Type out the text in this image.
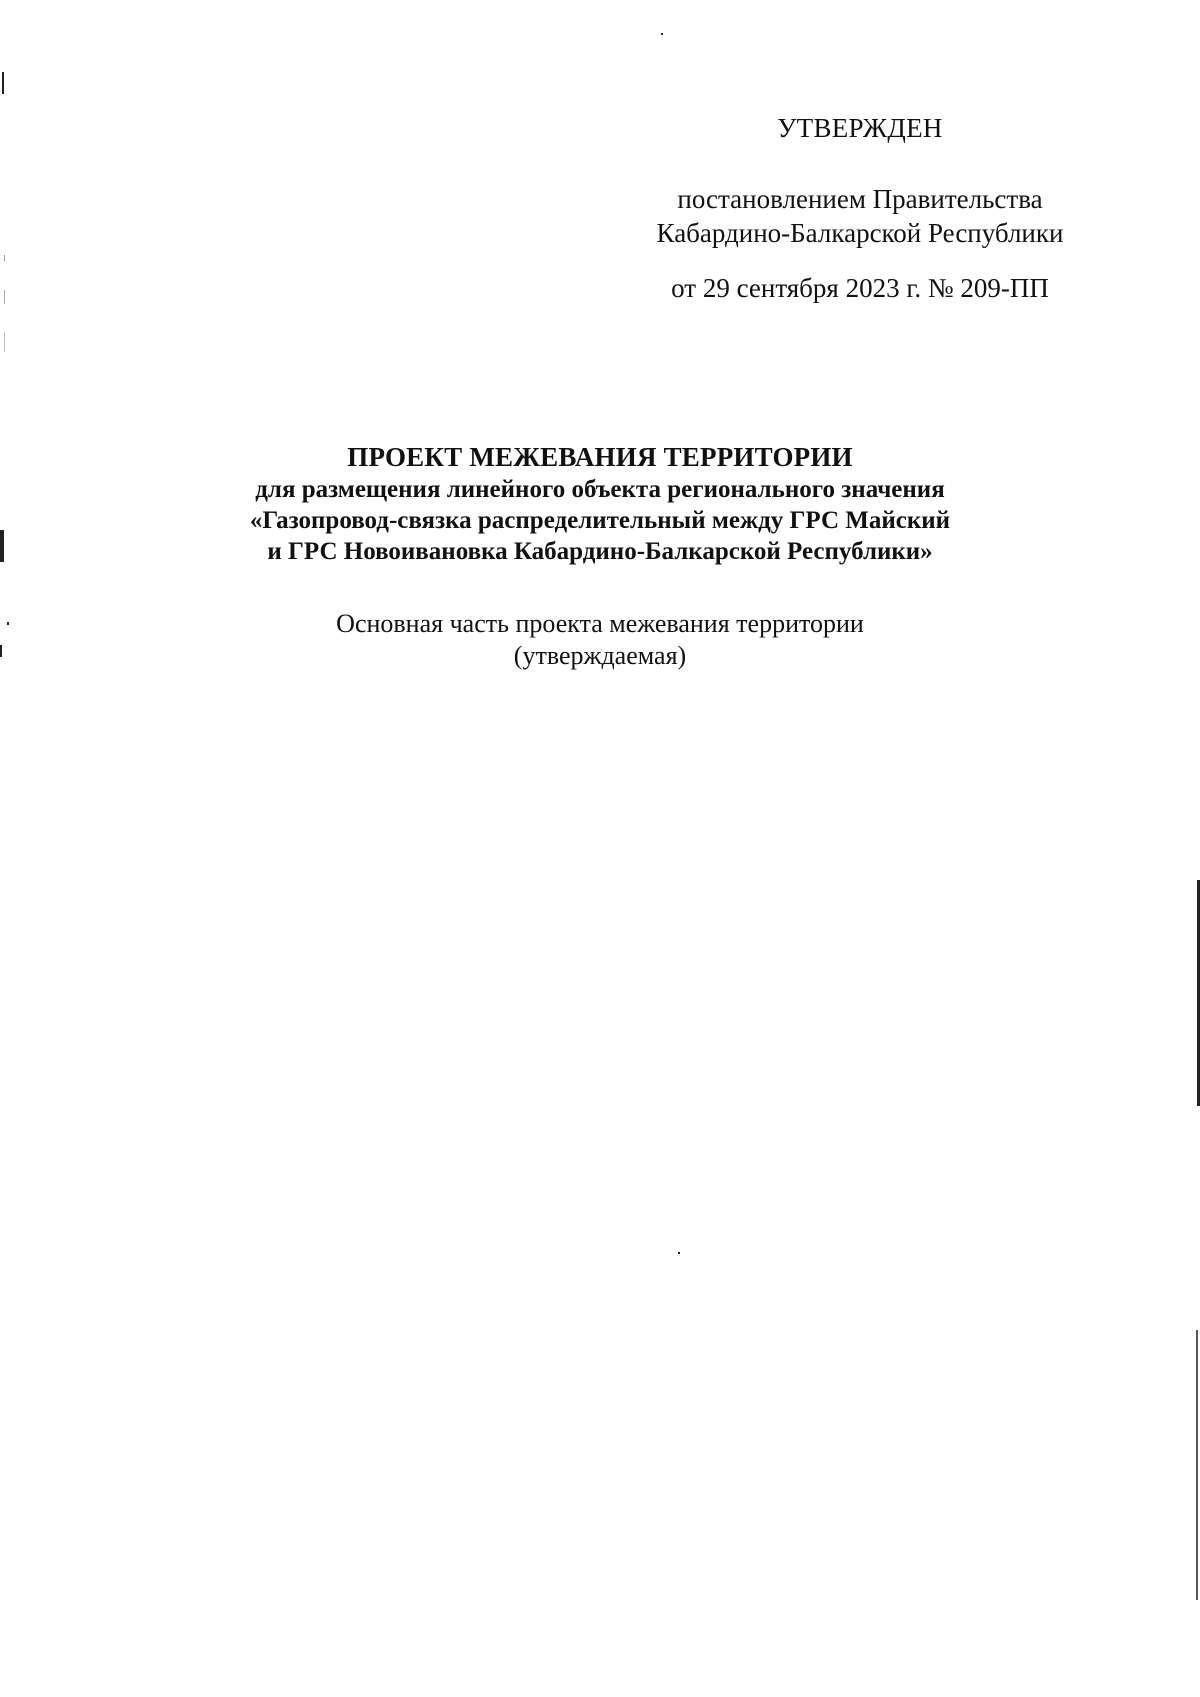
УТВЕРЖДЕН
постановлением Правительства
Кабардино-Балкарской Республики
от 29 сентября 2023 г. № 209-ПП
ПРОЕКТ МЕЖЕВАНИЯ ТЕРРИТОРИИ
для размещения линейного объекта регионального значения
«Газопровод-связка распределительный между ГРС Майский
и ГРС Новоивановка Кабардино-Балкарской Республики»
Основная часть проекта межевания территории
(утверждаемая)
